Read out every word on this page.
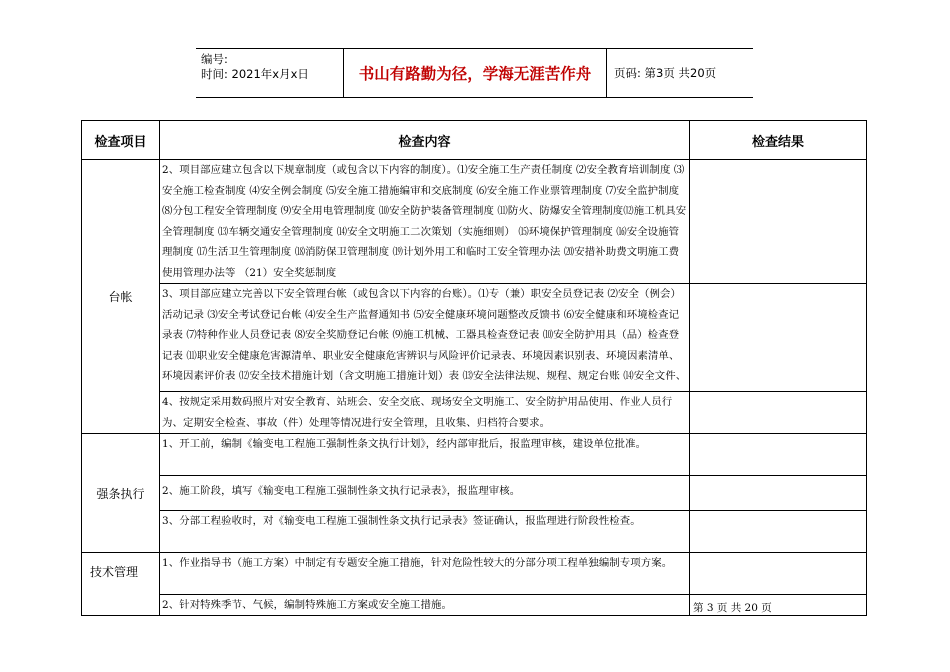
编号:
时间: 2021年x月x日	书山有路勤为径，学海无涯苦作舟	页码: 第3页 共20页
检查项目	检查内容	检查结果
台帐	2、项目部应建立包含以下规章制度（或包含以下内容的制度）。⑴安全施工生产责任制度 ⑵安全教育培训制度 ⑶安全施工检查制度 ⑷安全例会制度 ⑸安全施工措施编审和交底制度 ⑹安全施工作业票管理制度 ⑺安全监护制度 ⑻分包工程安全管理制度 ⑼安全用电管理制度 ⑽安全防护装备管理制度 ⑾防火、防爆安全管理制度⑿施工机具安全管理制度 ⒀车辆交通安全管理制度 ⒁安全文明施工二次策划（实施细则） ⒂环境保护管理制度 ⒃安全设施管理制度 ⒄生活卫生管理制度 ⒅消防保卫管理制度 ⒆计划外用工和临时工安全管理办法 ⒇安措补助费文明施工费使用管理办法等 （21）安全奖惩制度	

	3、项目部应建立完善以下安全管理台帐（或包含以下内容的台账）。⑴专（兼）职安全员登记表 ⑵安全（例会）活动记录 ⑶安全考试登记台帐 ⑷安全生产监督通知书 ⑸安全健康环境问题整改反馈书 ⑹安全健康和环境检查记录表 ⑺特种作业人员登记表 ⑻安全奖励登记台帐 ⑼施工机械、工器具检查登记表 ⑽安全防护用具（品）检查登记表 ⑾职业安全健康危害源清单、职业安全健康危害辨识与风险评价记录表、环境因素识别表、环境因素清单、环境因素评价表 ⑿安全技术措施计划（含文明施工措施计划）表 ⒀安全法律法规、规程、规定台账 ⒁安全文件、	

	4、按规定采用数码照片对安全教育、站班会、安全交底、现场安全文明施工、安全防护用品使用、作业人员行为、定期安全检查、事故（件）处理等情况进行安全管理，且收集、归档符合要求。	

强条执行	1、开工前，编制《输变电工程施工强制性条文执行计划》，经内部审批后，报监理审核，建设单位批准。	

	2、施工阶段，填写《输变电工程施工强制性条文执行记录表》，报监理审核。	

	3、分部工程验收时，对《输变电工程施工强制性条文执行记录表》签证确认，报监理进行阶段性检查。	

技术管理	1、作业指导书（施工方案）中制定有专题安全施工措施，针对危险性较大的分部分项工程单独编制专项方案。	

	2、针对特殊季节、气候，编制特殊施工方案或安全施工措施。	
		第 3 页 共 20 页
